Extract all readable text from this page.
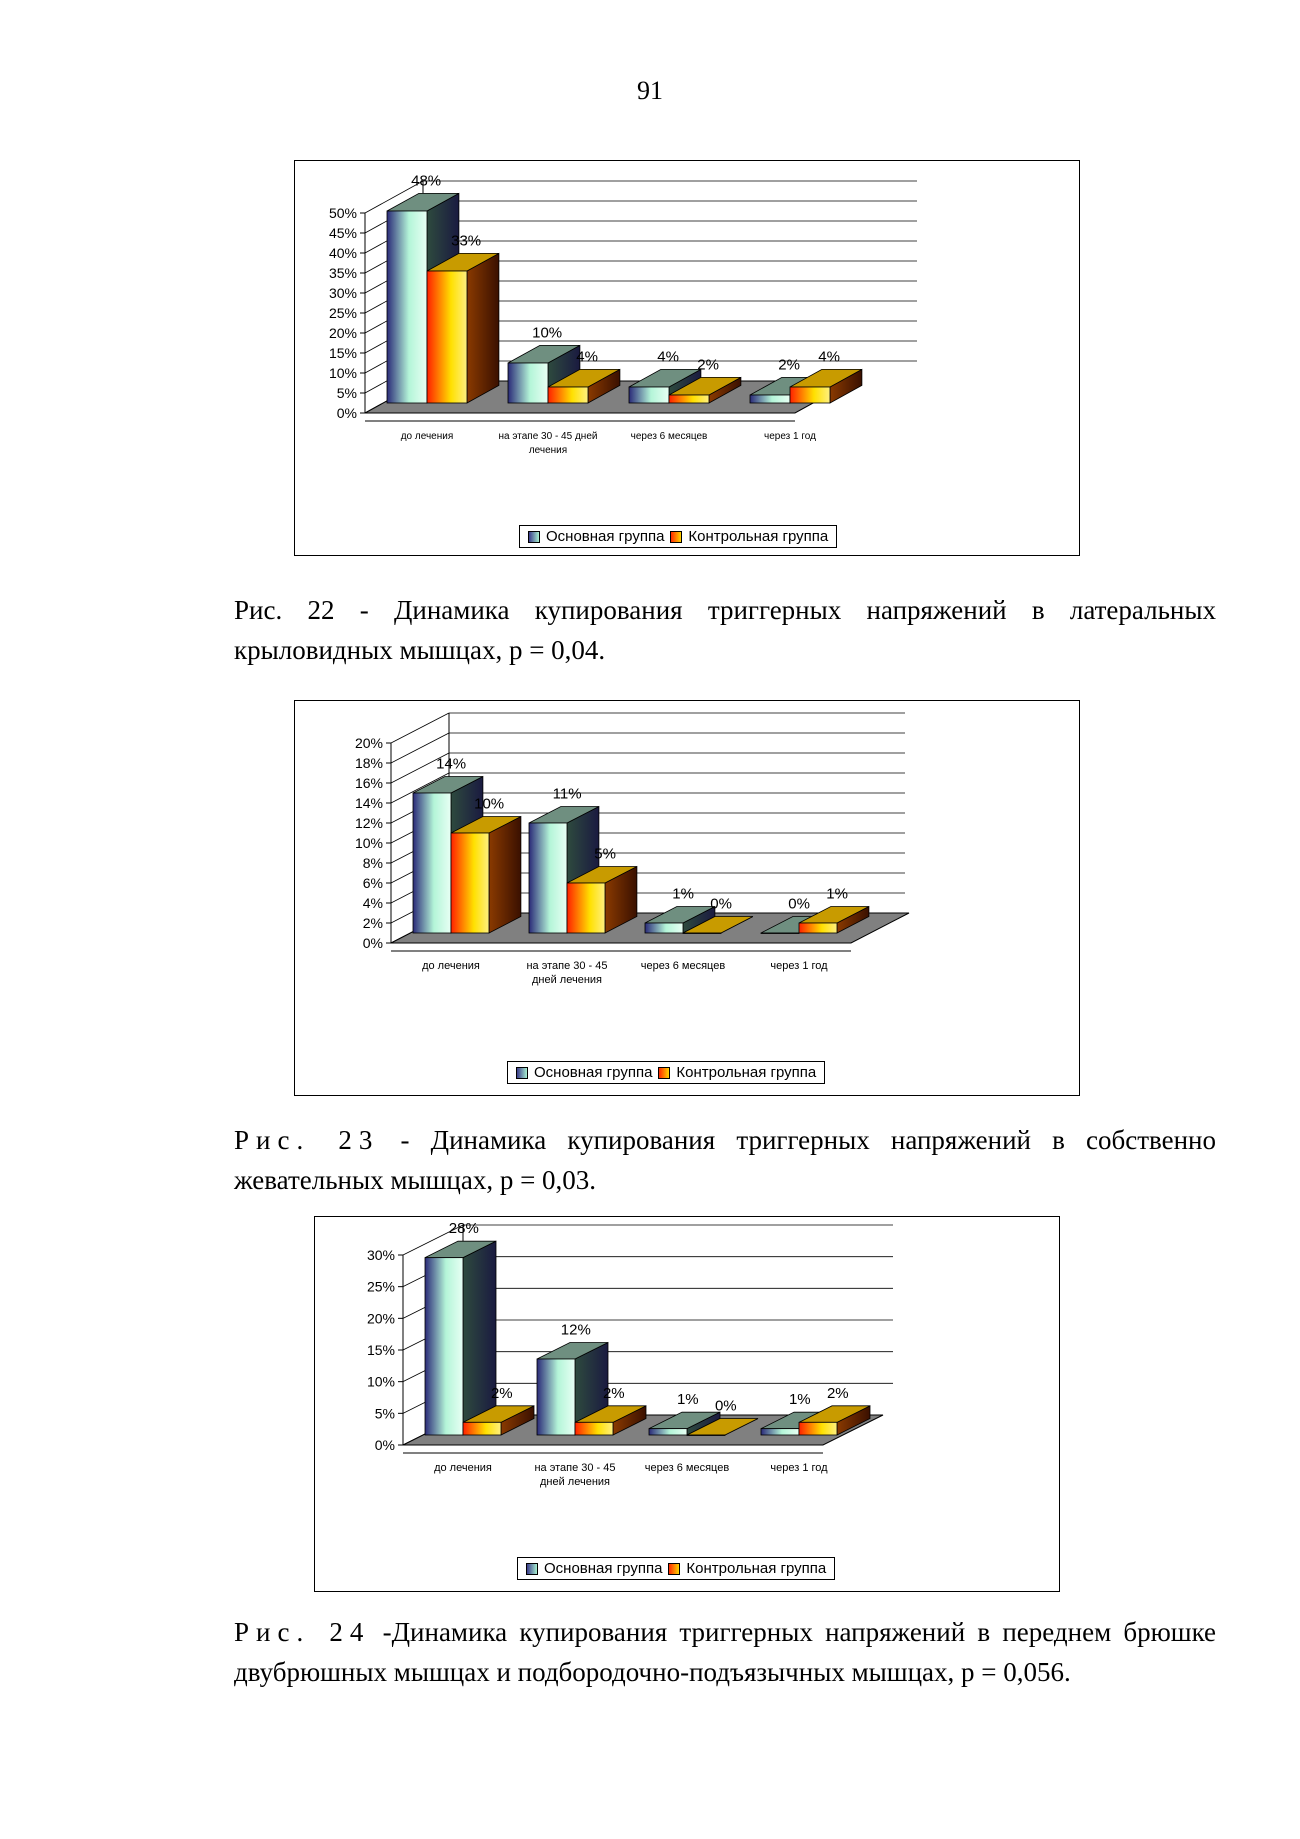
91
0%
5%
10%
15%
20%
25%
30%
35%
40%
45%
50%
48%
33%
до лечения
10%
4%
на этапе 30 - 45 дней
лечения
4% 2%
через 6 месяцев
2% 4%
через 1 год
Основная группа Контрольная группа
Рис. 22 - Динамика купирования триггерных напряжений в латеральных крыловидных мышцах, р = 0,04.
0%
2%
4%
6%
8%
10%
12%
14%
16%
18%
20%
14%
10%
до лечения
11%
5%
на этапе 30 - 45
дней лечения
1%
0%
через 6 месяцев
0%
1%
через 1 год
Основная группа Контрольная группа
Рис. 23 - Динамика купирования триггерных напряжений в собственно жевательных мышцах, р = 0,03.
0%
5%
10%
15%
20%
25%
30%
28%
2%
до лечения
12%
2%
на этапе 30 - 45
дней лечения
1% 0%
через 6 месяцев
1% 2%
через 1 год
Основная группа Контрольная группа
Рис. 24 -Динамика купирования триггерных напряжений в переднем брюшке двубрюшных мышцах и подбородочно-подъязычных мышцах, р = 0,056.
